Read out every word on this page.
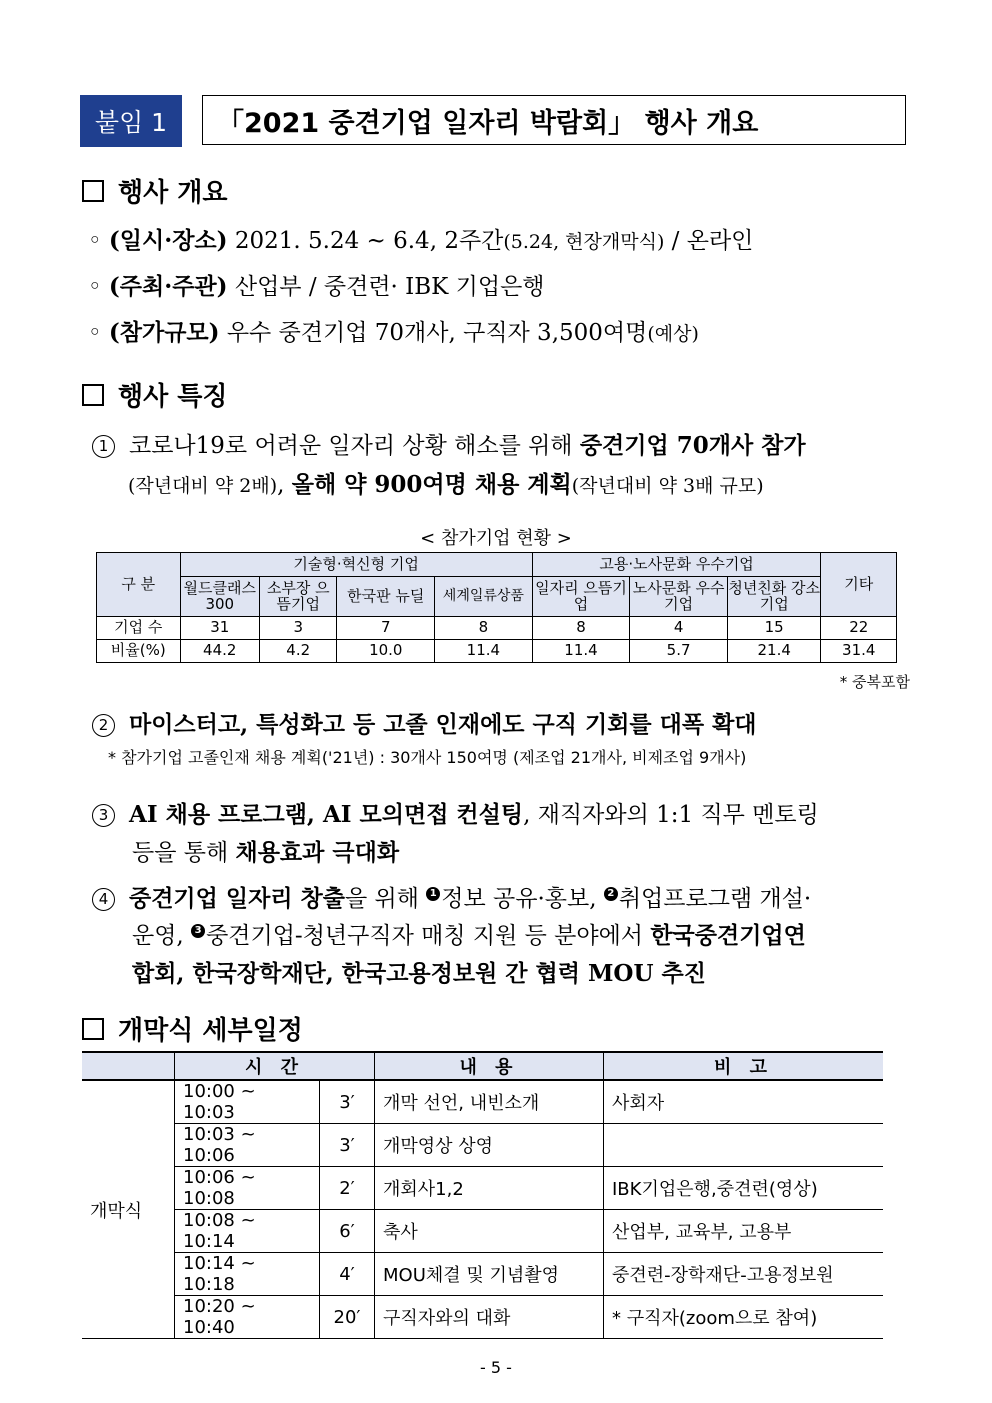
붙임 1	「2021 중견기업 일자리 박람회」 행사 개요
행사 개요
◦ (일시·장소) 2021. 5.24 ~ 6.4, 2주간(5.24, 현장개막식) / 온라인
◦ (주최·주관) 산업부 / 중견련· IBK 기업은행
◦ (참가규모) 우수 중견기업 70개사, 구직자 3,500여명(예상)
행사 특징
1 코로나19로 어려운 일자리 상황 해소를 위해 중견기업 70개사 참가
(작년대비 약 2배), 올해 약 900여명 채용 계획(작년대비 약 3배 규모)
< 참가기업 현황 >
구 분	기술형·혁신형 기업				고용·노사문화 우수기업			기타
	월드클래스300	소부장 으뜸기업	한국판 뉴딜	세계일류상품	일자리 으뜸기업	노사문화 우수기업	청년친화 강소기업	
기업 수	31	3	7	8	8	4	15	22
비율(%)	44.2	4.2	10.0	11.4	11.4	5.7	21.4	31.4
* 중복포함
2 마이스터고, 특성화고 등 고졸 인재에도 구직 기회를 대폭 확대
* 참가기업 고졸인재 채용 계획('21년) : 30개사 150여명 (제조업 21개사, 비제조업 9개사)
3 AI 채용 프로그램, AI 모의면접 컨설팅, 재직자와의 1:1 직무 멘토링
등을 통해 채용효과 극대화
4 중견기업 일자리 창출을 위해 1 정보 공유·홍보, 2 취업프로그램 개설·
운영, 3 중견기업-청년구직자 매칭 지원 등 분야에서 한국중견기업연
합회, 한국장학재단, 한국고용정보원 간 협력 MOU 추진
개막식 세부일정
	시 간		내 용	비 고
개막식	10:00 ~ 10:03	3′	개막 선언, 내빈소개	사회자
	10:03 ~ 10:06	3′	개막영상 상영	
	10:06 ~ 10:08	2′	개회사1,2	IBK기업은행,중견련(영상)
	10:08 ~ 10:14	6′	축사	산업부, 교육부, 고용부
	10:14 ~ 10:18	4′	MOU체결 및 기념촬영	중견련-장학재단-고용정보원
	10:20 ~ 10:40	20′	구직자와의 대화	* 구직자(zoom으로 참여)
- 5 -
